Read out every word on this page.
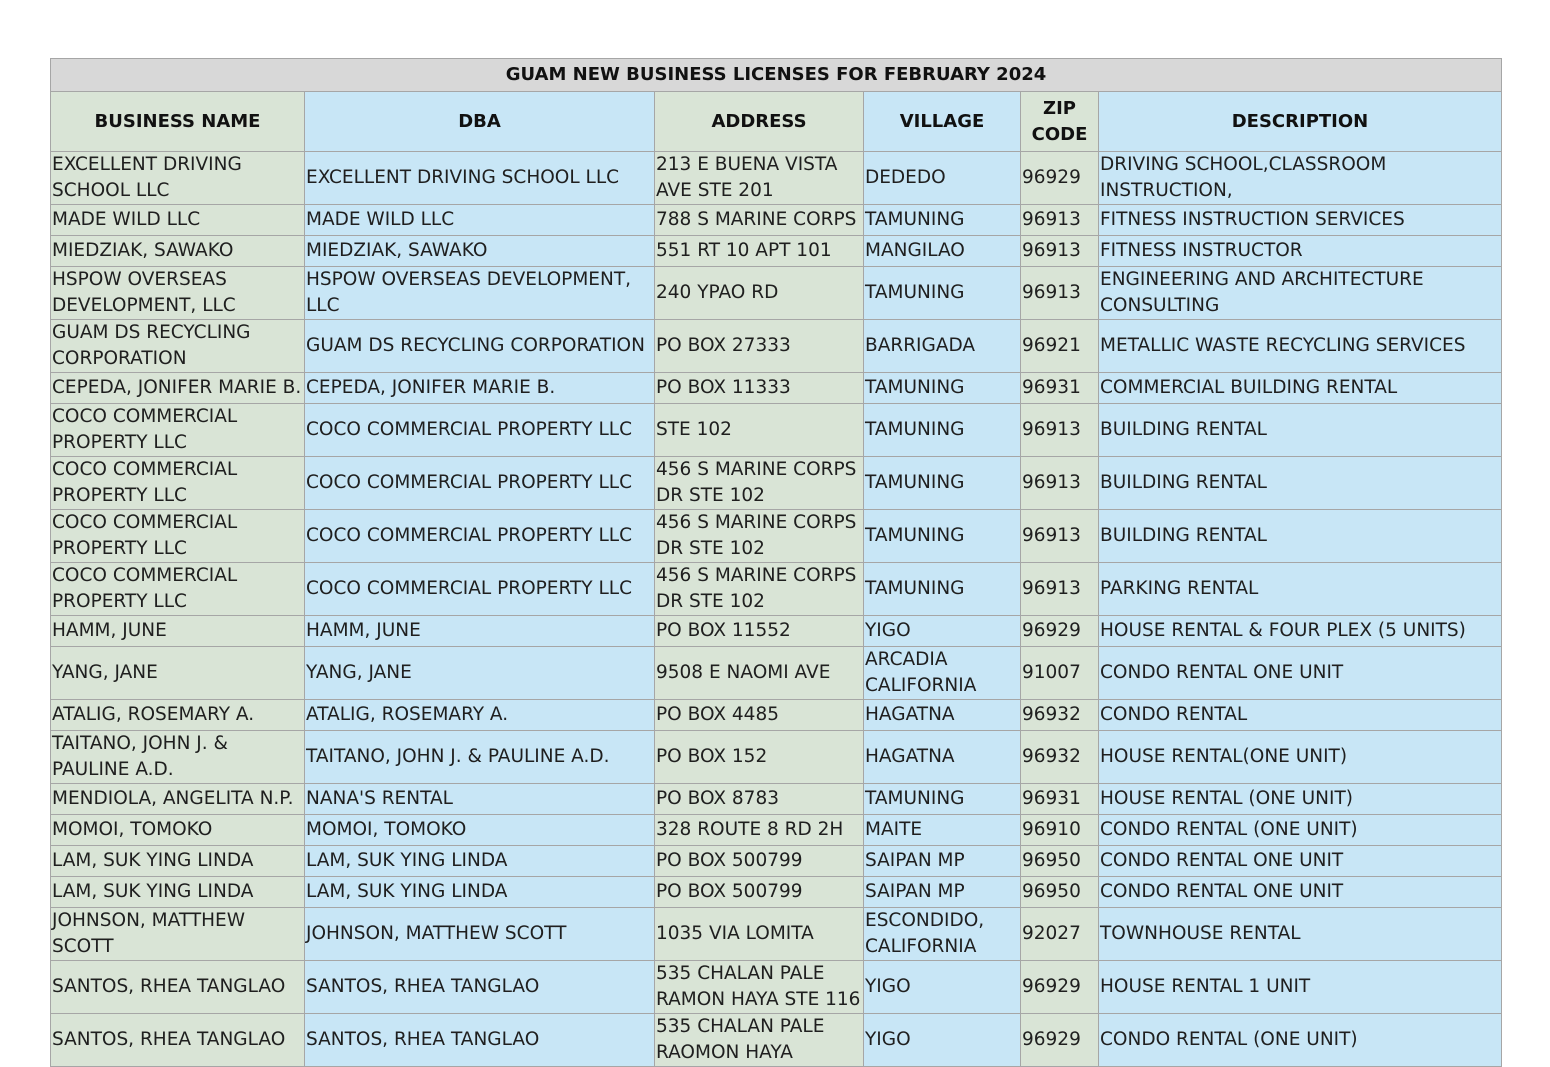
GUAM NEW BUSINESS LICENSES FOR FEBRUARY 2024					
BUSINESS NAME	DBA	ADDRESS	VILLAGE	ZIP
CODE	DESCRIPTION

EXCELLENT DRIVING
SCHOOL LLC	EXCELLENT DRIVING SCHOOL LLC	213 E BUENA VISTA
AVE STE 201	DEDEDO	96929	DRIVING SCHOOL,CLASSROOM
INSTRUCTION,

MADE WILD LLC	MADE WILD LLC	788 S MARINE CORPS	TAMUNING	96913	FITNESS INSTRUCTION SERVICES

MIEDZIAK, SAWAKO	MIEDZIAK, SAWAKO	551 RT 10 APT 101	MANGILAO	96913	FITNESS INSTRUCTOR

HSPOW OVERSEAS
DEVELOPMENT, LLC	HSPOW OVERSEAS DEVELOPMENT,
LLC	240 YPAO RD	TAMUNING	96913	ENGINEERING AND ARCHITECTURE
CONSULTING

GUAM DS RECYCLING
CORPORATION	GUAM DS RECYCLING CORPORATION	PO BOX 27333	BARRIGADA	96921	METALLIC WASTE RECYCLING SERVICES

CEPEDA, JONIFER MARIE B.	CEPEDA, JONIFER MARIE B.	PO BOX 11333	TAMUNING	96931	COMMERCIAL BUILDING RENTAL

COCO COMMERCIAL
PROPERTY LLC	COCO COMMERCIAL PROPERTY LLC	STE 102	TAMUNING	96913	BUILDING RENTAL

COCO COMMERCIAL
PROPERTY LLC	COCO COMMERCIAL PROPERTY LLC	456 S MARINE CORPS
DR STE 102	TAMUNING	96913	BUILDING RENTAL

COCO COMMERCIAL
PROPERTY LLC	COCO COMMERCIAL PROPERTY LLC	456 S MARINE CORPS
DR STE 102	TAMUNING	96913	BUILDING RENTAL

COCO COMMERCIAL
PROPERTY LLC	COCO COMMERCIAL PROPERTY LLC	456 S MARINE CORPS
DR STE 102	TAMUNING	96913	PARKING RENTAL

HAMM, JUNE	HAMM, JUNE	PO BOX 11552	YIGO	96929	HOUSE RENTAL & FOUR PLEX (5 UNITS)

YANG, JANE	YANG, JANE	9508 E NAOMI AVE	ARCADIA
CALIFORNIA	91007	CONDO RENTAL ONE UNIT

ATALIG, ROSEMARY A.	ATALIG, ROSEMARY A.	PO BOX 4485	HAGATNA	96932	CONDO RENTAL

TAITANO, JOHN J. &
PAULINE A.D.	TAITANO, JOHN J. & PAULINE A.D.	PO BOX 152	HAGATNA	96932	HOUSE RENTAL(ONE UNIT)

MENDIOLA, ANGELITA N.P.	NANA'S RENTAL	PO BOX 8783	TAMUNING	96931	HOUSE RENTAL (ONE UNIT)

MOMOI, TOMOKO	MOMOI, TOMOKO	328 ROUTE 8 RD 2H	MAITE	96910	CONDO RENTAL (ONE UNIT)

LAM, SUK YING LINDA	LAM, SUK YING LINDA	PO BOX 500799	SAIPAN MP	96950	CONDO RENTAL ONE UNIT

LAM, SUK YING LINDA	LAM, SUK YING LINDA	PO BOX 500799	SAIPAN MP	96950	CONDO RENTAL ONE UNIT

JOHNSON, MATTHEW
SCOTT	JOHNSON, MATTHEW SCOTT	1035 VIA LOMITA	ESCONDIDO,
CALIFORNIA	92027	TOWNHOUSE RENTAL

SANTOS, RHEA TANGLAO	SANTOS, RHEA TANGLAO	535 CHALAN PALE
RAMON HAYA STE 116	YIGO	96929	HOUSE RENTAL 1 UNIT

SANTOS, RHEA TANGLAO	SANTOS, RHEA TANGLAO	535 CHALAN PALE
RAOMON HAYA	YIGO	96929	CONDO RENTAL (ONE UNIT)
